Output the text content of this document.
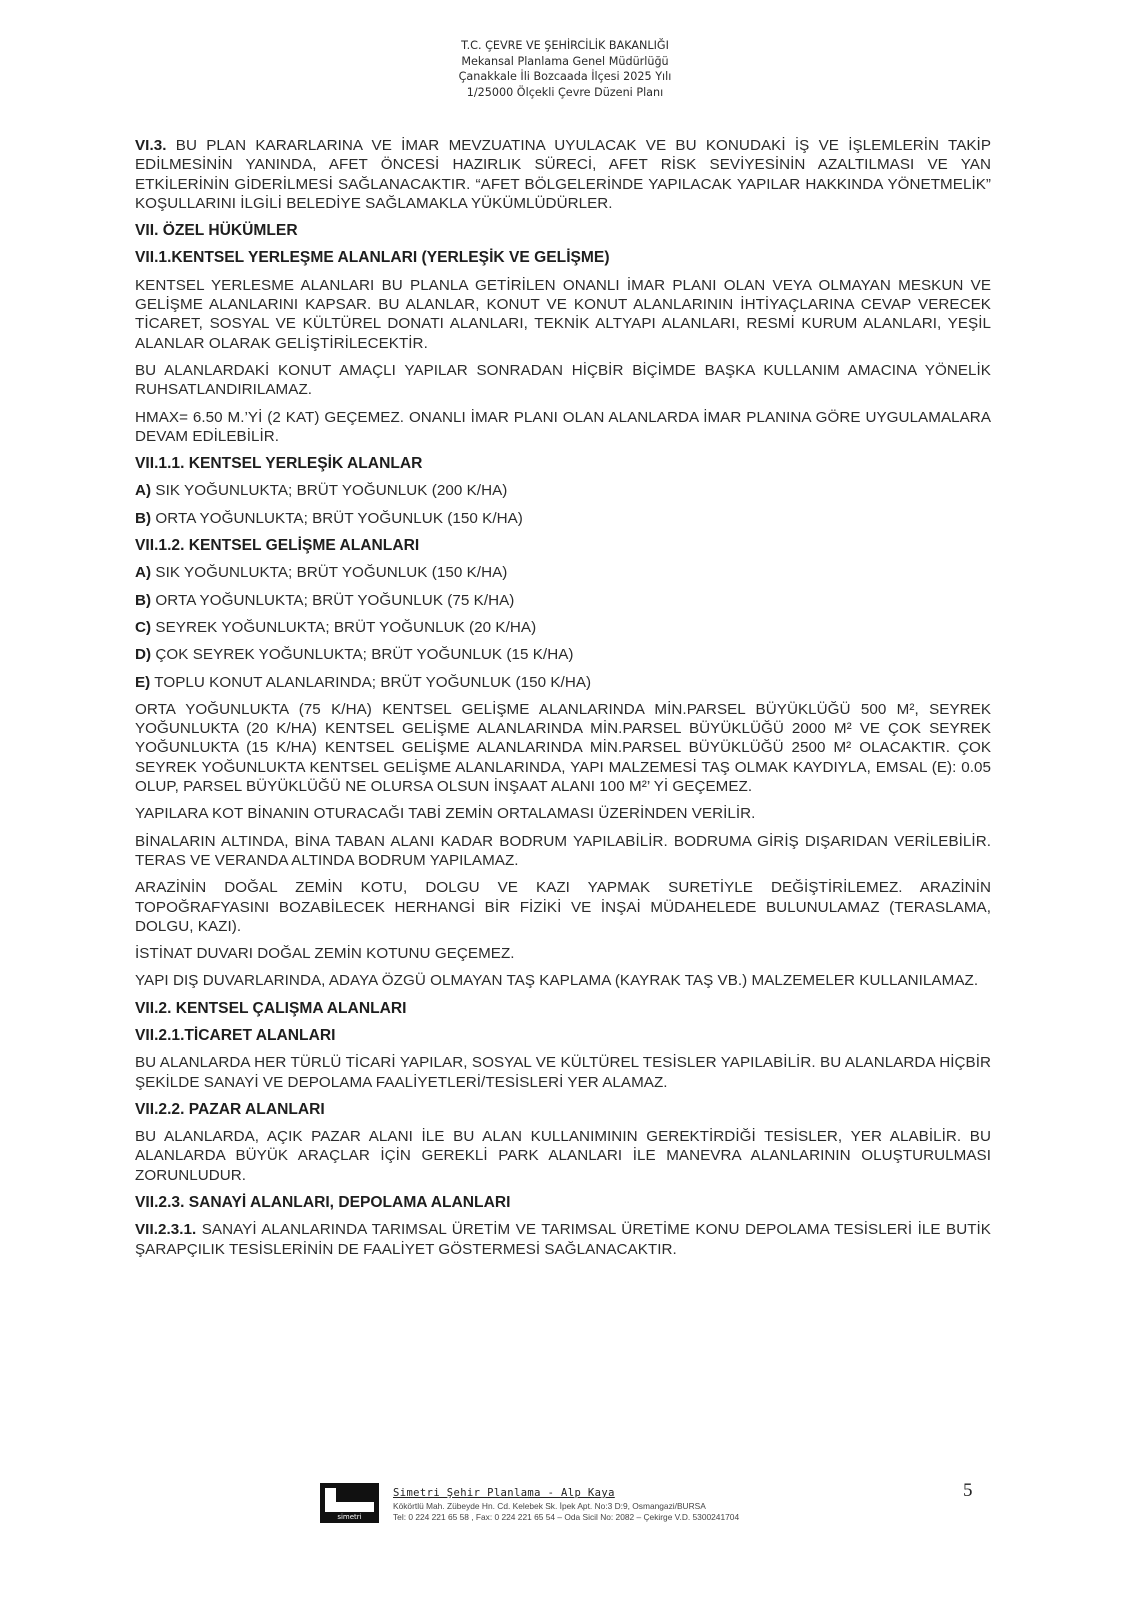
T.C. ÇEVRE VE ŞEHİRCİLİK BAKANLIĞI
Mekansal Planlama Genel Müdürlüğü
Çanakkale İli Bozcaada İlçesi 2025 Yılı
1/25000 Ölçekli Çevre Düzeni Planı

VI.3. BU PLAN KARARLARINA VE İMAR MEVZUATINA UYULACAK VE BU KONUDAKİ İŞ VE İŞLEMLERİN TAKİP EDİLMESİNİN YANINDA, AFET ÖNCESİ HAZIRLIK SÜRECİ, AFET RİSK SEVİYESİNİN AZALTILMASI VE YAN ETKİLERİNİN GİDERİLMESİ SAĞLANACAKTIR. “AFET BÖLGELERİNDE YAPILACAK YAPILAR HAKKINDA YÖNETMELİK” KOŞULLARINI İLGİLİ BELEDİYE SAĞLAMAKLA YÜKÜMLÜDÜRLER.

VII. ÖZEL HÜKÜMLER
VII.1.KENTSEL YERLEŞME ALANLARI (YERLEŞİK VE GELİŞME)

KENTSEL YERLESME ALANLARI BU PLANLA GETİRİLEN ONANLI İMAR PLANI OLAN VEYA OLMAYAN MESKUN VE GELİŞME ALANLARINI KAPSAR. BU ALANLAR, KONUT VE KONUT ALANLARININ İHTİYAÇLARINA CEVAP VERECEK TİCARET, SOSYAL VE KÜLTÜREL DONATI ALANLARI, TEKNİK ALTYAPI ALANLARI, RESMİ KURUM ALANLARI, YEŞİL ALANLAR OLARAK GELİŞTİRİLECEKTİR.

BU ALANLARDAKİ KONUT AMAÇLI YAPILAR SONRADAN HİÇBİR BİÇİMDE BAŞKA KULLANIM AMACINA YÖNELİK RUHSATLANDIRILAMAZ.

HMAX= 6.50 M.’Yİ (2 KAT) GEÇEMEZ. ONANLI İMAR PLANI OLAN ALANLARDA İMAR PLANINA GÖRE UYGULAMALARA DEVAM EDİLEBİLİR.

VII.1.1. KENTSEL YERLEŞİK ALANLAR

A) SIK YOĞUNLUKTA; BRÜT YOĞUNLUK (200 K/HA)

B) ORTA YOĞUNLUKTA; BRÜT YOĞUNLUK (150 K/HA)

VII.1.2. KENTSEL GELİŞME ALANLARI

A) SIK YOĞUNLUKTA; BRÜT YOĞUNLUK (150 K/HA)

B) ORTA YOĞUNLUKTA; BRÜT YOĞUNLUK (75 K/HA)

C) SEYREK YOĞUNLUKTA; BRÜT YOĞUNLUK (20 K/HA)

D) ÇOK SEYREK YOĞUNLUKTA; BRÜT YOĞUNLUK (15 K/HA)

E) TOPLU KONUT ALANLARINDA; BRÜT YOĞUNLUK (150 K/HA)

ORTA YOĞUNLUKTA (75 K/HA) KENTSEL GELİŞME ALANLARINDA MİN.PARSEL BÜYÜKLÜĞÜ 500 M², SEYREK YOĞUNLUKTA (20 K/HA) KENTSEL GELİŞME ALANLARINDA MİN.PARSEL BÜYÜKLÜĞÜ 2000 M² VE ÇOK SEYREK YOĞUNLUKTA (15 K/HA) KENTSEL GELİŞME ALANLARINDA MİN.PARSEL BÜYÜKLÜĞÜ 2500 M² OLACAKTIR. ÇOK SEYREK YOĞUNLUKTA KENTSEL GELİŞME ALANLARINDA, YAPI MALZEMESİ TAŞ OLMAK KAYDIYLA, EMSAL (E): 0.05 OLUP, PARSEL BÜYÜKLÜĞÜ NE OLURSA OLSUN İNŞAAT ALANI 100 M²’ Yİ GEÇEMEZ.

YAPILARA KOT BİNANIN OTURACAĞI TABİ ZEMİN ORTALAMASI ÜZERİNDEN VERİLİR.

BİNALARIN ALTINDA, BİNA TABAN ALANI KADAR BODRUM YAPILABİLİR. BODRUMA GİRİŞ DIŞARIDAN VERİLEBİLİR. TERAS VE VERANDA ALTINDA BODRUM YAPILAMAZ.

ARAZİNİN DOĞAL ZEMİN KOTU, DOLGU VE KAZI YAPMAK SURETİYLE DEĞİŞTİRİLEMEZ. ARAZİNİN TOPOĞRAFYASINI BOZABİLECEK HERHANGİ BİR FİZİKİ VE İNŞAİ MÜDAHELEDE BULUNULAMAZ (TERASLAMA, DOLGU, KAZI).

İSTİNAT DUVARI DOĞAL ZEMİN KOTUNU GEÇEMEZ.

YAPI DIŞ DUVARLARINDA, ADAYA ÖZGÜ OLMAYAN TAŞ KAPLAMA (KAYRAK TAŞ VB.) MALZEMELER KULLANILAMAZ.

VII.2. KENTSEL ÇALIŞMA ALANLARI
VII.2.1.TİCARET ALANLARI

BU ALANLARDA HER TÜRLÜ TİCARİ YAPILAR, SOSYAL VE KÜLTÜREL TESİSLER YAPILABİLİR. BU ALANLARDA HİÇBİR ŞEKİLDE SANAYİ VE DEPOLAMA FAALİYETLERİ/TESİSLERİ YER ALAMAZ.

VII.2.2. PAZAR ALANLARI

BU ALANLARDA, AÇIK PAZAR ALANI İLE BU ALAN KULLANIMININ GEREKTİRDİĞİ TESİSLER, YER ALABİLİR. BU ALANLARDA BÜYÜK ARAÇLAR İÇİN GEREKLİ PARK ALANLARI İLE MANEVRA ALANLARININ OLUŞTURULMASI ZORUNLUDUR.

VII.2.3. SANAYİ ALANLARI, DEPOLAMA ALANLARI

VII.2.3.1. SANAYİ ALANLARINDA TARIMSAL ÜRETİM VE TARIMSAL ÜRETİME KONU DEPOLAMA TESİSLERİ İLE BUTİK ŞARAPÇILIK TESİSLERİNİN DE FAALİYET GÖSTERMESİ SAĞLANACAKTIR.

simetri
Simetri Şehir Planlama - Alp Kaya
Kökörtlü Mah. Zübeyde Hn. Cd. Kelebek Sk. İpek Apt. No:3 D:9, Osmangazi/BURSA
Tel: 0 224 221 65 58 , Fax: 0 224 221 65 54 – Oda Sicil No: 2082 – Çekirge V.D. 5300241704
5
